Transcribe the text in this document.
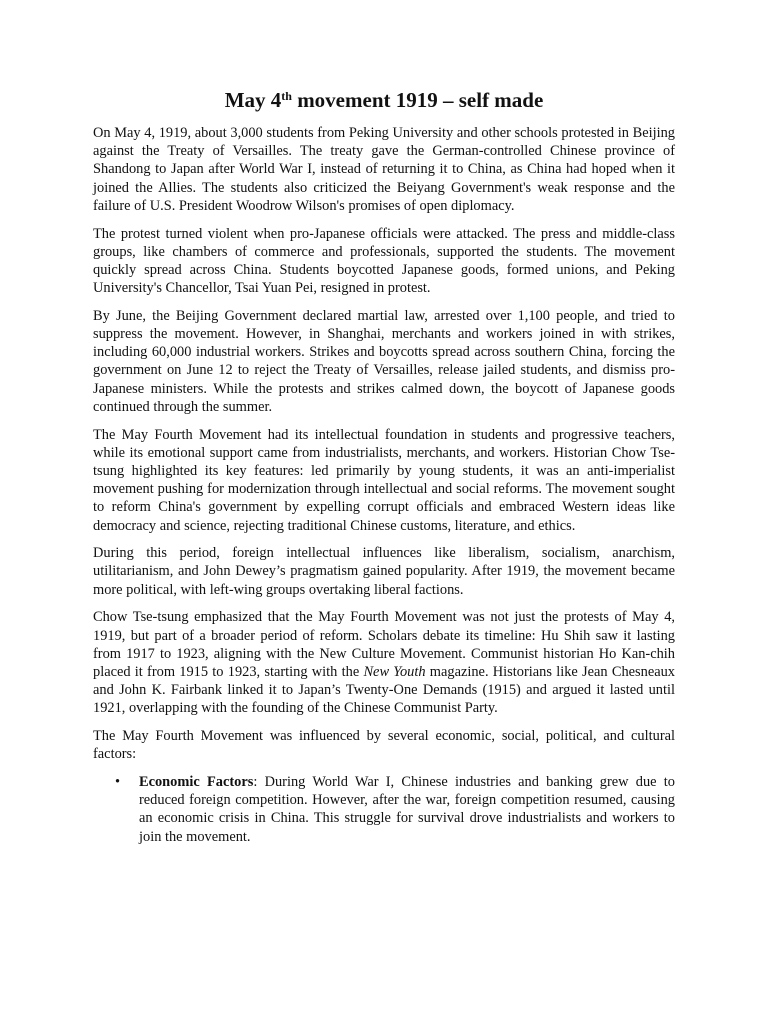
May 4th movement 1919 – self made

On May 4, 1919, about 3,000 students from Peking University and other schools protested in Beijing against the Treaty of Versailles. The treaty gave the German-controlled Chinese province of Shandong to Japan after World War I, instead of returning it to China, as China had hoped when it joined the Allies. The students also criticized the Beiyang Government's weak response and the failure of U.S. President Woodrow Wilson's promises of open diplomacy.

The protest turned violent when pro-Japanese officials were attacked. The press and middle-class groups, like chambers of commerce and professionals, supported the students. The movement quickly spread across China. Students boycotted Japanese goods, formed unions, and Peking University's Chancellor, Tsai Yuan Pei, resigned in protest.

By June, the Beijing Government declared martial law, arrested over 1,100 people, and tried to suppress the movement. However, in Shanghai, merchants and workers joined in with strikes, including 60,000 industrial workers. Strikes and boycotts spread across southern China, forcing the government on June 12 to reject the Treaty of Versailles, release jailed students, and dismiss pro-Japanese ministers. While the protests and strikes calmed down, the boycott of Japanese goods continued through the summer.

The May Fourth Movement had its intellectual foundation in students and progressive teachers, while its emotional support came from industrialists, merchants, and workers. Historian Chow Tse-tsung highlighted its key features: led primarily by young students, it was an anti-imperialist movement pushing for modernization through intellectual and social reforms. The movement sought to reform China's government by expelling corrupt officials and embraced Western ideas like democracy and science, rejecting traditional Chinese customs, literature, and ethics.

During this period, foreign intellectual influences like liberalism, socialism, anarchism, utilitarianism, and John Dewey’s pragmatism gained popularity. After 1919, the movement became more political, with left-wing groups overtaking liberal factions.

Chow Tse-tsung emphasized that the May Fourth Movement was not just the protests of May 4, 1919, but part of a broader period of reform. Scholars debate its timeline: Hu Shih saw it lasting from 1917 to 1923, aligning with the New Culture Movement. Communist historian Ho Kan-chih placed it from 1915 to 1923, starting with the New Youth magazine. Historians like Jean Chesneaux and John K. Fairbank linked it to Japan’s Twenty-One Demands (1915) and argued it lasted until 1921, overlapping with the founding of the Chinese Communist Party.

The May Fourth Movement was influenced by several economic, social, political, and cultural factors:

• Economic Factors: During World War I, Chinese industries and banking grew due to reduced foreign competition. However, after the war, foreign competition resumed, causing an economic crisis in China. This struggle for survival drove industrialists and workers to join the movement.
